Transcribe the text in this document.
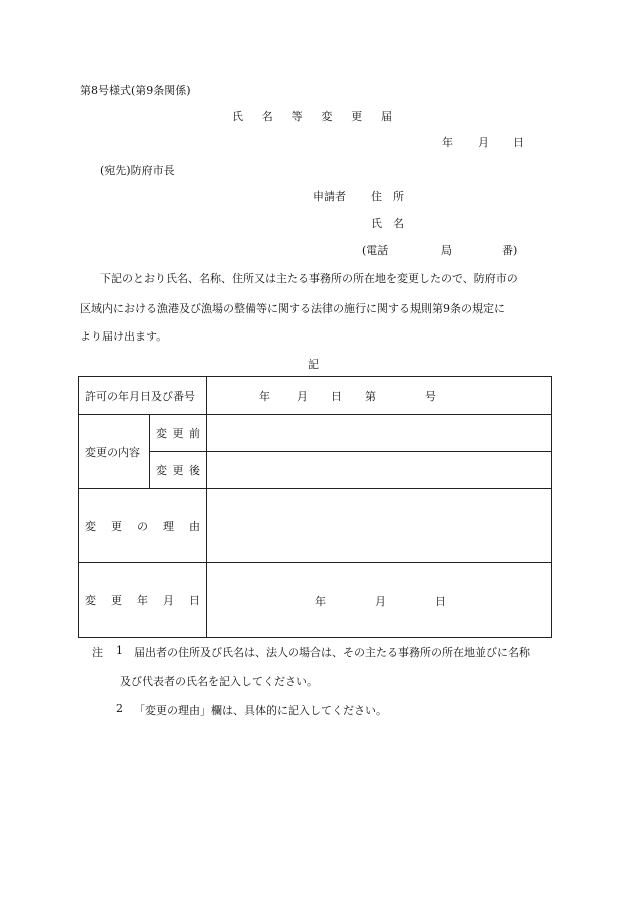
第8号様式(第9条関係)
氏 名 等 変 更 届
年 月 日
(宛先)防府市長
申請者 住　所
氏　名
(電話	局	番)
下記のとおり氏名、名称、住所又は主たる事務所の所在地を変更したので、防府市の
区域内における漁港及び漁場の整備等に関する法律の施行に関する規則第9条の規定に
より届け出ます。
記
許可の年月日及び番号		年 月 日 第 号

変更の内容	変 更 前	

	変 更 後	

変 更 の 理 由		

変 更 年 月 日		年 月 日
注 1 届出者の住所及び氏名は、法人の場合は、その主たる事務所の所在地並びに名称
及び代表者の氏名を記入してください。
2 「変更の理由」欄は、具体的に記入してください。
